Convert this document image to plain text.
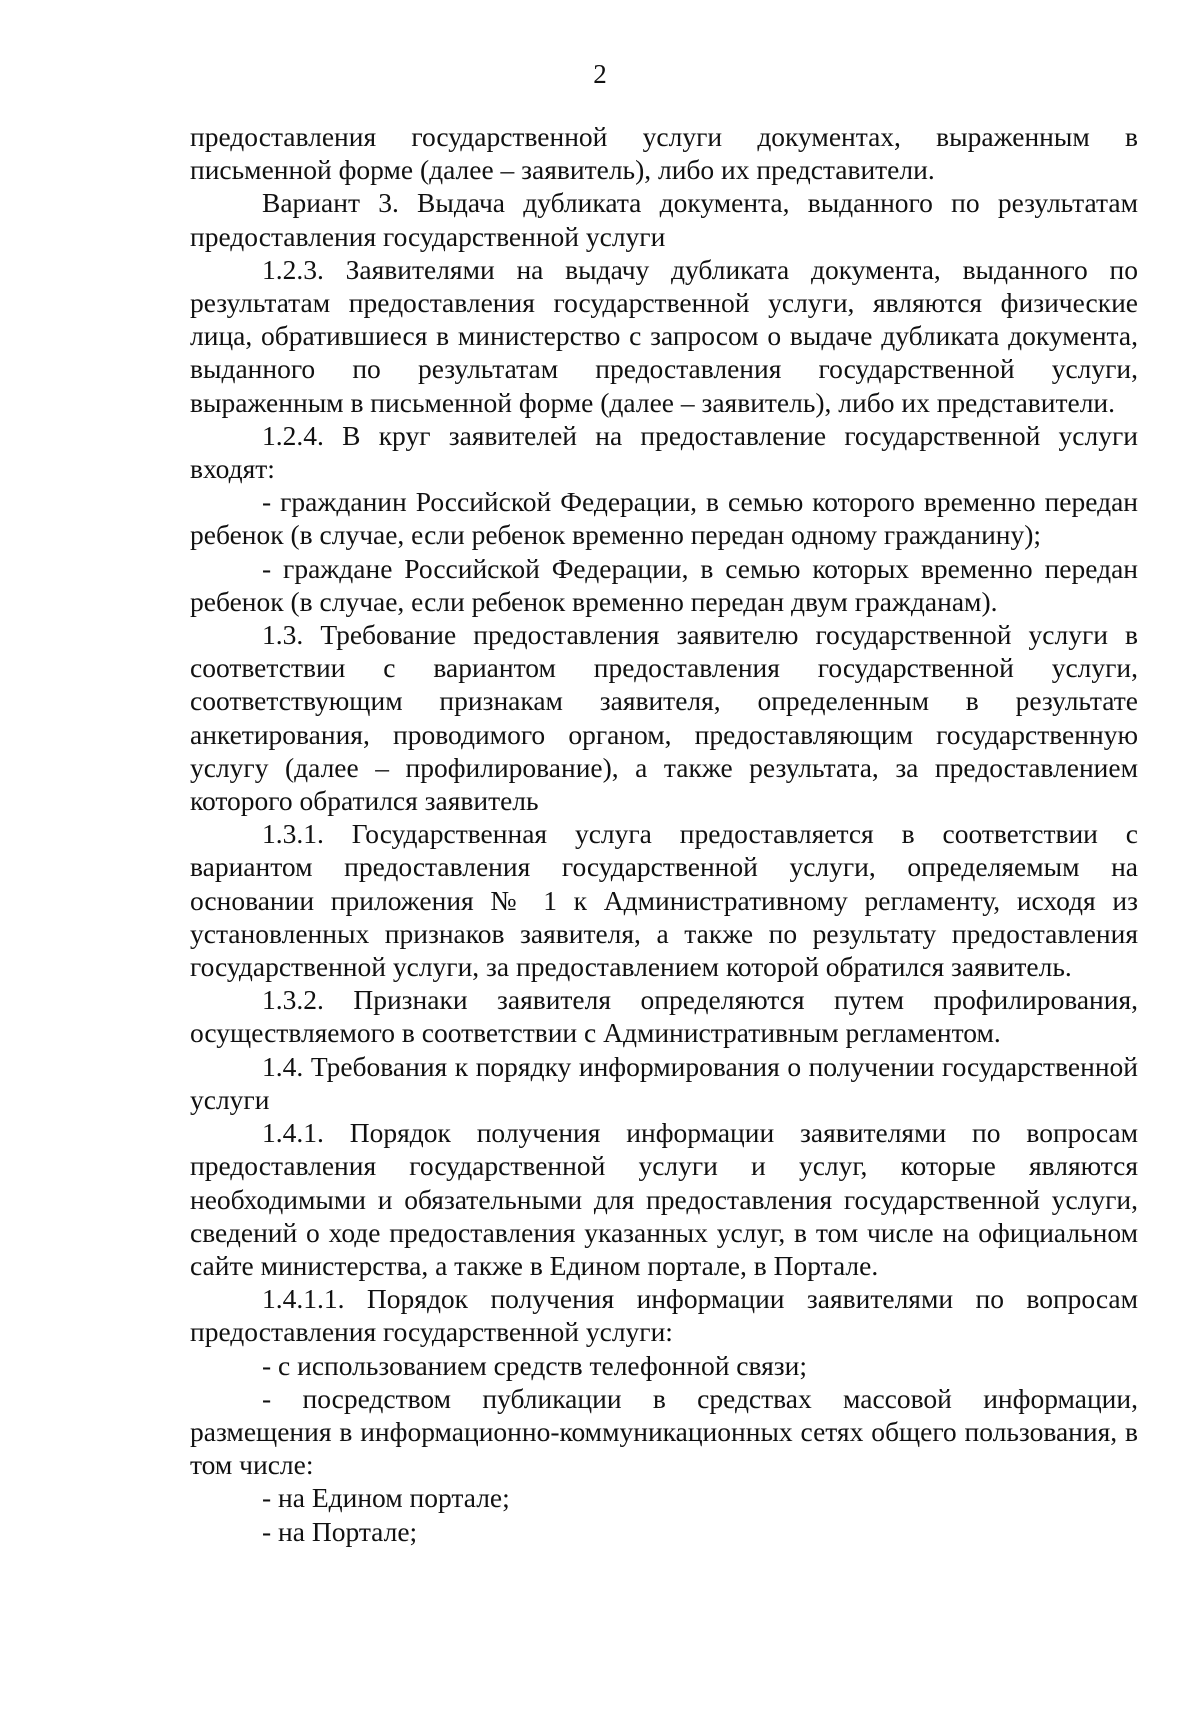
2

предоставления государственной услуги документах, выраженным в письменной форме (далее – заявитель), либо их представители.

Вариант 3. Выдача дубликата документа, выданного по результатам предоставления государственной услуги

1.2.3. Заявителями на выдачу дубликата документа, выданного по результатам предоставления государственной услуги, являются физические лица, обратившиеся в министерство с запросом о выдаче дубликата документа, выданного по результатам предоставления государственной услуги, выраженным в письменной форме (далее – заявитель), либо их представители.

1.2.4. В круг заявителей на предоставление государственной услуги входят:

- гражданин Российской Федерации, в семью которого временно передан ребенок (в случае, если ребенок временно передан одному гражданину);

- граждане Российской Федерации, в семью которых временно передан ребенок (в случае, если ребенок временно передан двум гражданам).

1.3. Требование предоставления заявителю государственной услуги в соответствии с вариантом предоставления государственной услуги, соответствующим признакам заявителя, определенным в результате анкетирования, проводимого органом, предоставляющим государственную услугу (далее – профилирование), а также результата, за предоставлением которого обратился заявитель

1.3.1. Государственная услуга предоставляется в соответствии с вариантом предоставления государственной услуги, определяемым на основании приложения № 1 к Административному регламенту, исходя из установленных признаков заявителя, а также по результату предоставления государственной услуги, за предоставлением которой обратился заявитель.

1.3.2. Признаки заявителя определяются путем профилирования, осуществляемого в соответствии с Административным регламентом.

1.4. Требования к порядку информирования о получении государственной услуги

1.4.1. Порядок получения информации заявителями по вопросам предоставления государственной услуги и услуг, которые являются необходимыми и обязательными для предоставления государственной услуги, сведений о ходе предоставления указанных услуг, в том числе на официальном сайте министерства, а также в Едином портале, в Портале.

1.4.1.1. Порядок получения информации заявителями по вопросам предоставления государственной услуги:

- с использованием средств телефонной связи;

- посредством публикации в средствах массовой информации, размещения в информационно-коммуникационных сетях общего пользования, в том числе:

- на Едином портале;

- на Портале;
